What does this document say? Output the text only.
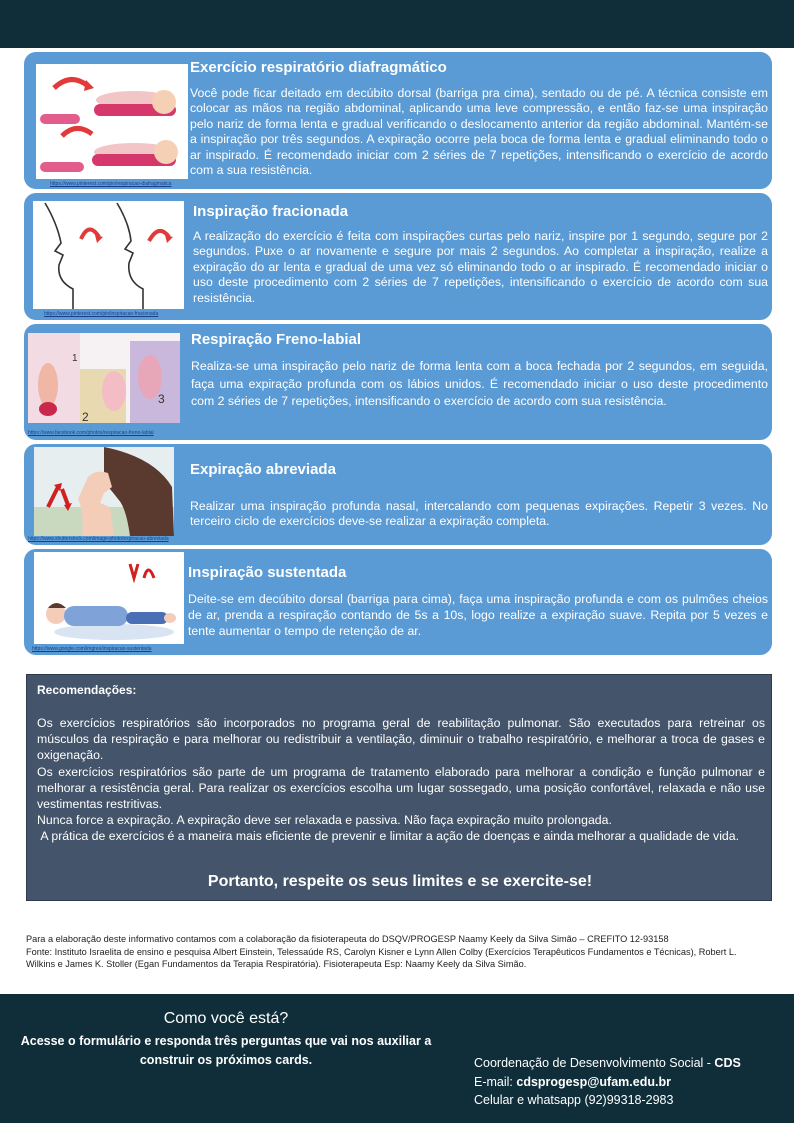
https://www.pinterest.com/pin/respiracao-diafragmatica
Exercício respiratório diafragmático
Você pode ficar deitado em decúbito dorsal (barriga pra cima), sentado ou de pé. A técnica consiste em colocar as mãos na região abdominal, aplicando uma leve compressão, e então faz-se uma inspiração pelo nariz de forma lenta e gradual verificando o deslocamento anterior da região abdominal. Mantém-se a inspiração por três segundos. A expiração ocorre pela boca de forma lenta e gradual eliminando todo o ar inspirado. É recomendado iniciar com 2 séries de 7 repetições, intensificando o exercício de acordo com a sua resistência.
https://www.pinterest.com/pin/inspiracao-fracionada
Inspiração fracionada
A realização do exercício é feita com inspirações curtas pelo nariz, inspire por 1 segundo, segure por 2 segundos. Puxe o ar novamente e segure por mais 2 segundos. Ao completar a inspiração, realize a expiração do ar lenta e gradual de uma vez só eliminando todo o ar inspirado. É recomendado iniciar o uso deste procedimento com 2 séries de 7 repetições, intensificando o exercício de acordo com sua resistência.
2
3
1
https://www.facebook.com/photos/respiracao-freno-labial
Respiração Freno-labial
Realiza-se uma inspiração pelo nariz de forma lenta com a boca fechada por 2 segundos, em seguida, faça uma expiração profunda com os lábios unidos. É recomendado iniciar o uso deste procedimento com 2 séries de 7 repetições, intensificando o exercício de acordo com sua resistência.
https://www.shutterstock.com/image-photo/expiracao-abreviada
Expiração abreviada
Realizar uma inspiração profunda nasal, intercalando com pequenas expirações. Repetir 3 vezes. No terceiro ciclo de exercícios deve-se realizar a expiração completa.
https://www.google.com/imgres/inspiracao-sustentada
Inspiração sustentada
Deite-se em decúbito dorsal (barriga para cima), faça uma inspiração profunda e com os pulmões cheios de ar, prenda a respiração contando de 5s a 10s, logo realize a expiração suave. Repita por 5 vezes e tente aumentar o tempo de retenção de ar.
Recomendações:

Os exercícios respiratórios são incorporados no programa geral de reabilitação pulmonar. São executados para retreinar os músculos da respiração e para melhorar ou redistribuir a ventilação, diminuir o trabalho respiratório, e melhorar a troca de gases e oxigenação.

Os exercícios respiratórios são parte de um programa de tratamento elaborado para melhorar a condição e função pulmonar e melhorar a resistência geral. Para realizar os exercícios escolha um lugar sossegado, uma posição confortável, relaxada e não use vestimentas restritivas.

Nunca force a expiração. A expiração deve ser relaxada e passiva. Não faça expiração muito prolongada.

A prática de exercícios é a maneira mais eficiente de prevenir e limitar a ação de doenças e ainda melhorar a qualidade de vida.

Portanto, respeite os seus limites e se exercite-se!

Para a elaboração deste informativo contamos com a colaboração da fisioterapeuta do DSQV/PROGESP Naamy Keely da Silva Simão – CREFITO 12-93158

Fonte: Instituto Israelita de ensino e pesquisa Albert Einstein, Telessaúde RS, Carolyn Kisner e Lynn Allen Colby (Exercícios Terapêuticos Fundamentos e Técnicas), Robert L. Wilkins e James K. Stoller (Egan Fundamentos da Terapia Respiratória). Fisioterapeuta Esp: Naamy Keely da Silva Simão.

Como você está?
Acesse o formulário e responda três perguntas que vai nos auxiliar a construir os próximos cards.	Coordenação de Desenvolvimento Social - CDS
E-mail: cdsprogesp@ufam.edu.br
Celular e whatsapp (92)99318-2983
